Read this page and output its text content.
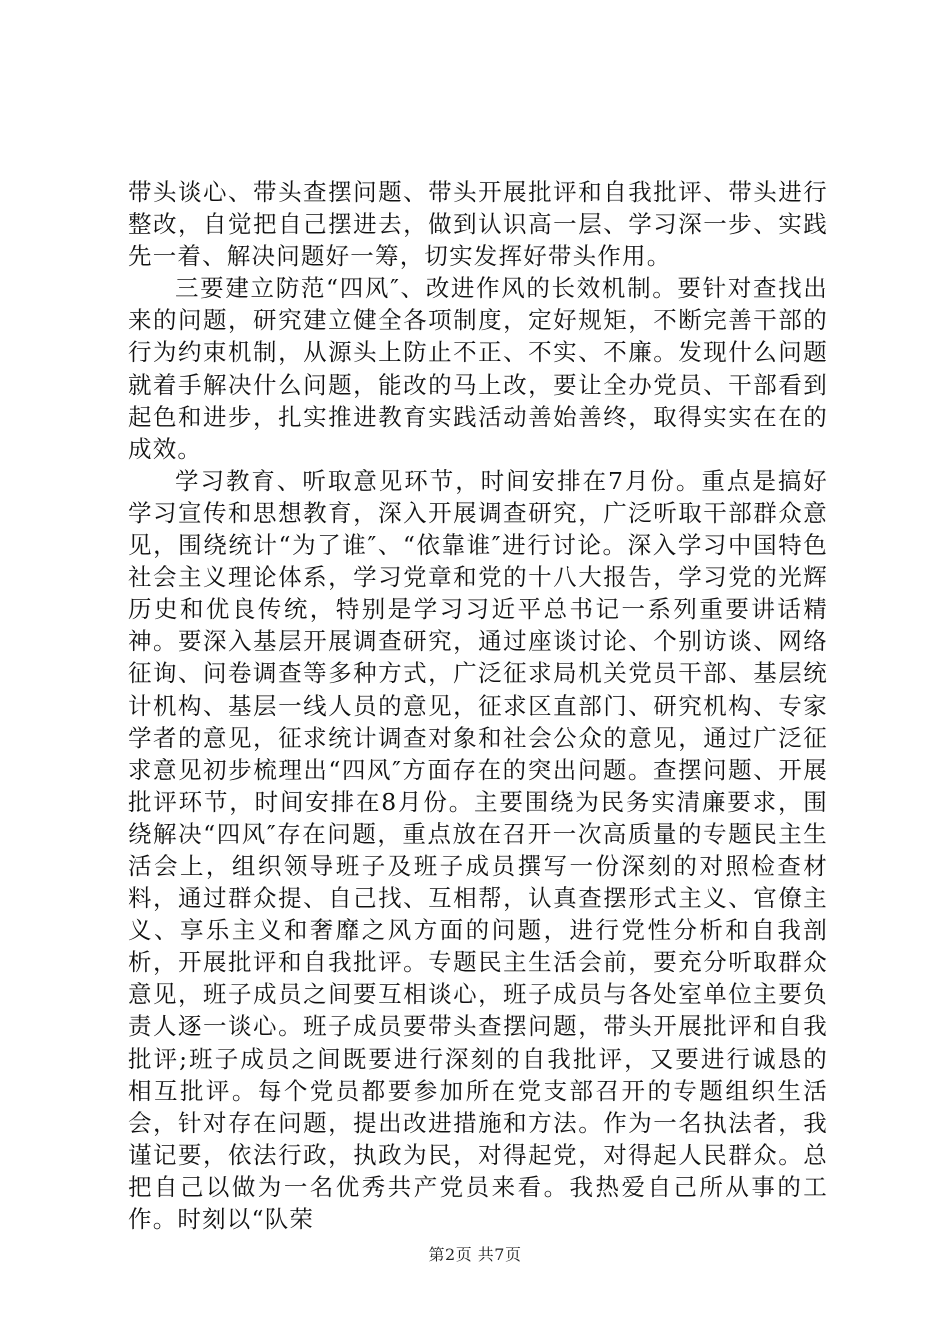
带头谈心、带头查摆问题、带头开展批评和自我批评、带头进行整改，自觉把自己摆进去，做到认识高一层、学习深一步、实践先一着、解决问题好一筹，切实发挥好带头作用。

三要建立防范“四风″、改进作风的长效机制。要针对查找出来的问题，研究建立健全各项制度，定好规矩，不断完善干部的行为约束机制，从源头上防止不正、不实、不廉。发现什么问题就着手解决什么问题，能改的马上改，要让全办党员、干部看到起色和进步，扎实推进教育实践活动善始善终，取得实实在在的成效。

学习教育、听取意见环节，时间安排在7月份。重点是搞好学习宣传和思想教育，深入开展调查研究，广泛听取干部群众意见，围绕统计“为了谁″、“依靠谁″进行讨论。深入学习中国特色社会主义理论体系，学习党章和党的十八大报告，学习党的光辉历史和优良传统，特别是学习习近平总书记一系列重要讲话精神。要深入基层开展调查研究，通过座谈讨论、个别访谈、网络征询、问卷调查等多种方式，广泛征求局机关党员干部、基层统计机构、基层一线人员的意见，征求区直部门、研究机构、专家学者的意见，征求统计调查对象和社会公众的意见，通过广泛征求意见初步梳理出“四风″方面存在的突出问题。查摆问题、开展批评环节，时间安排在8月份。主要围绕为民务实清廉要求，围绕解决“四风″存在问题，重点放在召开一次高质量的专题民主生活会上，组织领导班子及班子成员撰写一份深刻的对照检查材料，通过群众提、自己找、互相帮，认真查摆形式主义、官僚主义、享乐主义和奢靡之风方面的问题，进行党性分析和自我剖析，开展批评和自我批评。专题民主生活会前，要充分听取群众意见，班子成员之间要互相谈心，班子成员与各处室单位主要负责人逐一谈心。班子成员要带头查摆问题，带头开展批评和自我批评;班子成员之间既要进行深刻的自我批评，又要进行诚恳的相互批评。每个党员都要参加所在党支部召开的专题组织生活会，针对存在问题，提出改进措施和方法。作为一名执法者，我谨记要，依法行政，执政为民，对得起党，对得起人民群众。总把自己以做为一名优秀共产党员来看。我热爱自己所从事的工作。时刻以“队荣

第2页 共7页
